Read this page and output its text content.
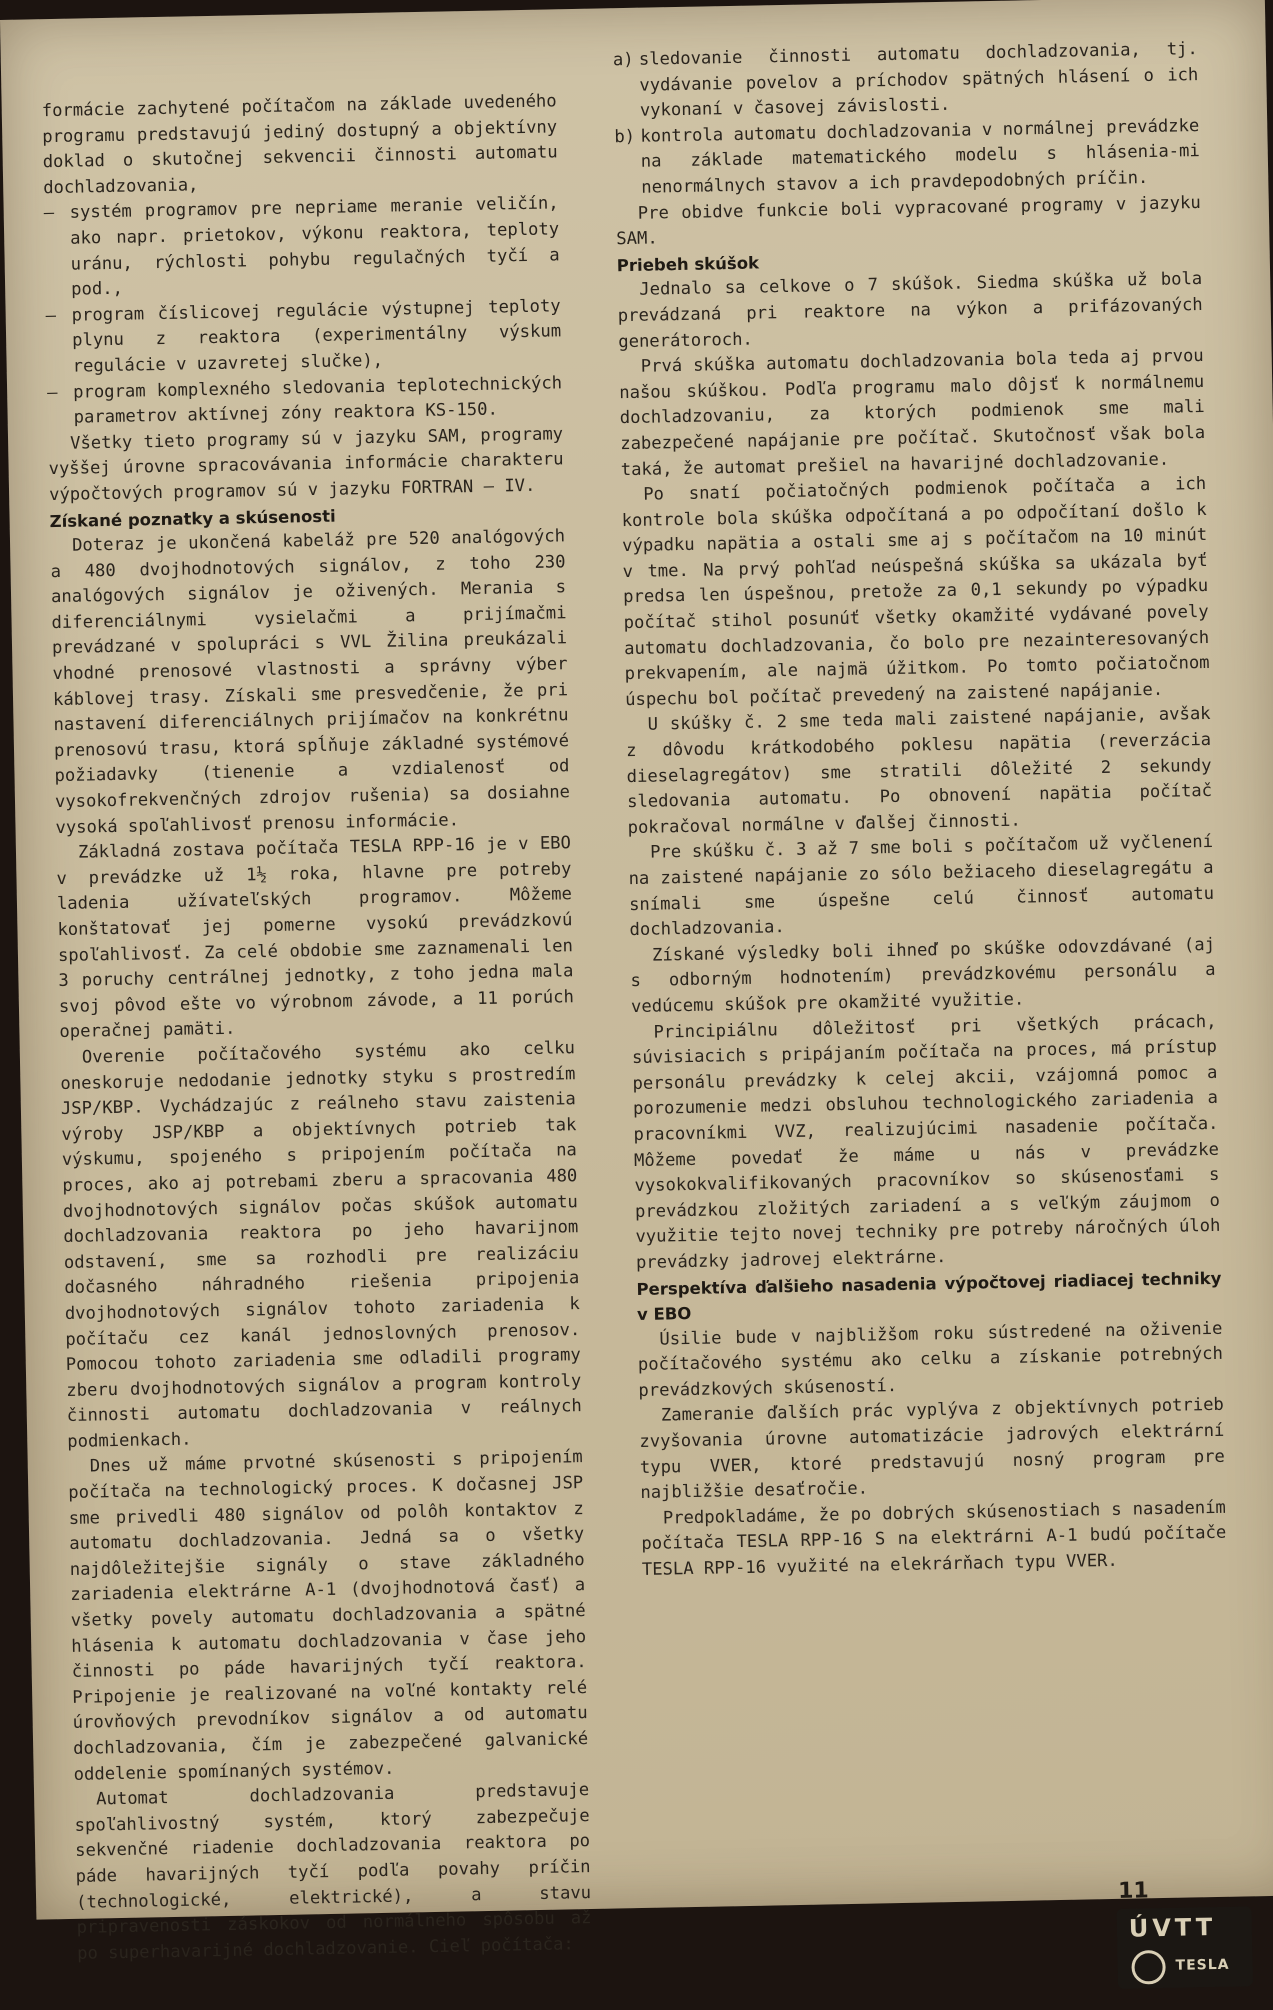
formácie zachytené počítačom na základe uvedeného programu predstavujú jediný dostupný a objektívny doklad o skutočnej sekvencii činnosti automatu dochladzovania,

— systém programov pre nepriame meranie veličín, ako napr. prietokov, výkonu reaktora, teploty uránu, rýchlosti pohybu regulačných tyčí a pod.,
— program číslicovej regulácie výstupnej teploty plynu z reaktora (experimentálny výskum regulácie v uzavretej slučke),
— program komplexného sledovania teplotechnických parametrov aktívnej zóny reaktora KS-150.

Všetky tieto programy sú v jazyku SAM, programy vyššej úrovne spracovávania informácie charakteru výpočtových programov sú v jazyku FORTRAN — IV.

Získané poznatky a skúsenosti

Doteraz je ukončená kabeláž pre 520 analógových a 480 dvojhodnotových signálov, z toho 230 analógových signálov je oživených. Merania s diferenciálnymi vysielačmi a prijímačmi prevádzané v spolupráci s VVL Žilina preukázali vhodné prenosové vlastnosti a správny výber káblovej trasy. Získali sme presvedčenie, že pri nastavení diferenciálnych prijímačov na konkrétnu prenosovú trasu, ktorá spĺňuje základné systémové požiadavky (tienenie a vzdialenosť od vysokofrekvenčných zdrojov rušenia) sa dosiahne vysoká spoľahlivosť prenosu informácie.

Základná zostava počítača TESLA RPP-16 je v EBO v prevádzke už 1½ roka, hlavne pre potreby ladenia užívateľských programov. Môžeme konštatovať jej pomerne vysokú prevádzkovú spoľahlivosť. Za celé obdobie sme zaznamenali len 3 poruchy centrálnej jednotky, z toho jedna mala svoj pôvod ešte vo výrobnom závode, a 11 porúch operačnej pamäti.

Overenie počítačového systému ako celku oneskoruje nedodanie jednotky styku s prostredím JSP/KBP. Vychádzajúc z reálneho stavu zaistenia výroby JSP/KBP a objektívnych potrieb tak výskumu, spojeného s pripojením počítača na proces, ako aj potrebami zberu a spracovania 480 dvojhodnotových signálov počas skúšok automatu dochladzovania reaktora po jeho havarijnom odstavení, sme sa rozhodli pre realizáciu dočasného náhradného riešenia pripojenia dvojhodnotových signálov tohoto zariadenia k počítaču cez kanál jednoslovných prenosov. Pomocou tohoto zariadenia sme odladili programy zberu dvojhodnotových signálov a program kontroly činnosti automatu dochladzovania v reálnych podmienkach.

Dnes už máme prvotné skúsenosti s pripojením počítača na technologický proces. K dočasnej JSP sme privedli 480 signálov od polôh kontaktov z automatu dochladzovania. Jedná sa o všetky najdôležitejšie signály o stave základného zariadenia elektrárne A-1 (dvojhodnotová časť) a všetky povely automatu dochladzovania a spätné hlásenia k automatu dochladzovania v čase jeho činnosti po páde havarijných tyčí reaktora. Pripojenie je realizované na voľné kontakty relé úrovňových prevodníkov signálov a od automatu dochladzovania, čím je zabezpečené galvanické oddelenie spomínaných systémov.

Automat dochladzovania predstavuje spoľahlivostný systém, ktorý zabezpečuje sekvenčné riadenie dochladzovania reaktora po páde havarijných tyčí podľa povahy príčin (technologické, elektrické), a stavu pripravenosti záskokov od normálneho spôsobu až po superhavarijné dochladzovanie. Cieľ počítača:

a) sledovanie činnosti automatu dochladzovania, tj. vydávanie povelov a príchodov spätných hlásení o ich vykonaní v časovej závislosti.
b) kontrola automatu dochladzovania v normálnej prevádzke na základe matematického modelu s hlásenia-mi nenormálnych stavov a ich pravdepodobných príčin.

Pre obidve funkcie boli vypracované programy v jazyku SAM.

Priebeh skúšok

Jednalo sa celkove o 7 skúšok. Siedma skúška už bola prevádzaná pri reaktore na výkon a prifázovaných generátoroch.

Prvá skúška automatu dochladzovania bola teda aj prvou našou skúškou. Podľa programu malo dôjsť k normálnemu dochladzovaniu, za ktorých podmienok sme mali zabezpečené napájanie pre počítač. Skutočnosť však bola taká, že automat prešiel na havarijné dochladzovanie.

Po snatí počiatočných podmienok počítača a ich kontrole bola skúška odpočítaná a po odpočítaní došlo k výpadku napätia a ostali sme aj s počítačom na 10 minút v tme. Na prvý pohľad neúspešná skúška sa ukázala byť predsa len úspešnou, pretože za 0,1 sekundy po výpadku počítač stihol posunúť všetky okamžité vydávané povely automatu dochladzovania, čo bolo pre nezainteresovaných prekvapením, ale najmä úžitkom. Po tomto počiatočnom úspechu bol počítač prevedený na zaistené napájanie.

U skúšky č. 2 sme teda mali zaistené napájanie, avšak z dôvodu krátkodobého poklesu napätia (reverzácia dieselagregátov) sme stratili dôležité 2 sekundy sledovania automatu. Po obnovení napätia počítač pokračoval normálne v ďalšej činnosti.

Pre skúšku č. 3 až 7 sme boli s počítačom už vyčlenení na zaistené napájanie zo sólo bežiaceho dieselagregátu a snímali sme úspešne celú činnosť automatu dochladzovania.

Získané výsledky boli ihneď po skúške odovzdávané (aj s odborným hodnotením) prevádzkovému personálu a vedúcemu skúšok pre okamžité využitie.

Principiálnu dôležitosť pri všetkých prácach, súvisiacich s pripájaním počítača na proces, má prístup personálu prevádzky k celej akcii, vzájomná pomoc a porozumenie medzi obsluhou technologického zariadenia a pracovníkmi VVZ, realizujúcimi nasadenie počítača. Môžeme povedať že máme u nás v prevádzke vysokokvalifikovaných pracovníkov so skúsenosťami s prevádzkou zložitých zariadení a s veľkým záujmom o využitie tejto novej techniky pre potreby náročných úloh prevádzky jadrovej elektrárne.

Perspektíva ďalšieho nasadenia výpočtovej riadiacej techniky v EBO

Úsilie bude v najbližšom roku sústredené na oživenie počítačového systému ako celku a získanie potrebných prevádzkových skúseností.

Zameranie ďalších prác vyplýva z objektívnych potrieb zvyšovania úrovne automatizácie jadrových elektrární typu VVER, ktoré predstavujú nosný program pre najbližšie desaťročie.

Predpokladáme, že po dobrých skúsenostiach s nasadením počítača TESLA RPP-16 S na elektrárni A-1 budú počítače TESLA RPP-16 využité na elekrárňach typu VVER.

11
ÚVTT
TESLA
